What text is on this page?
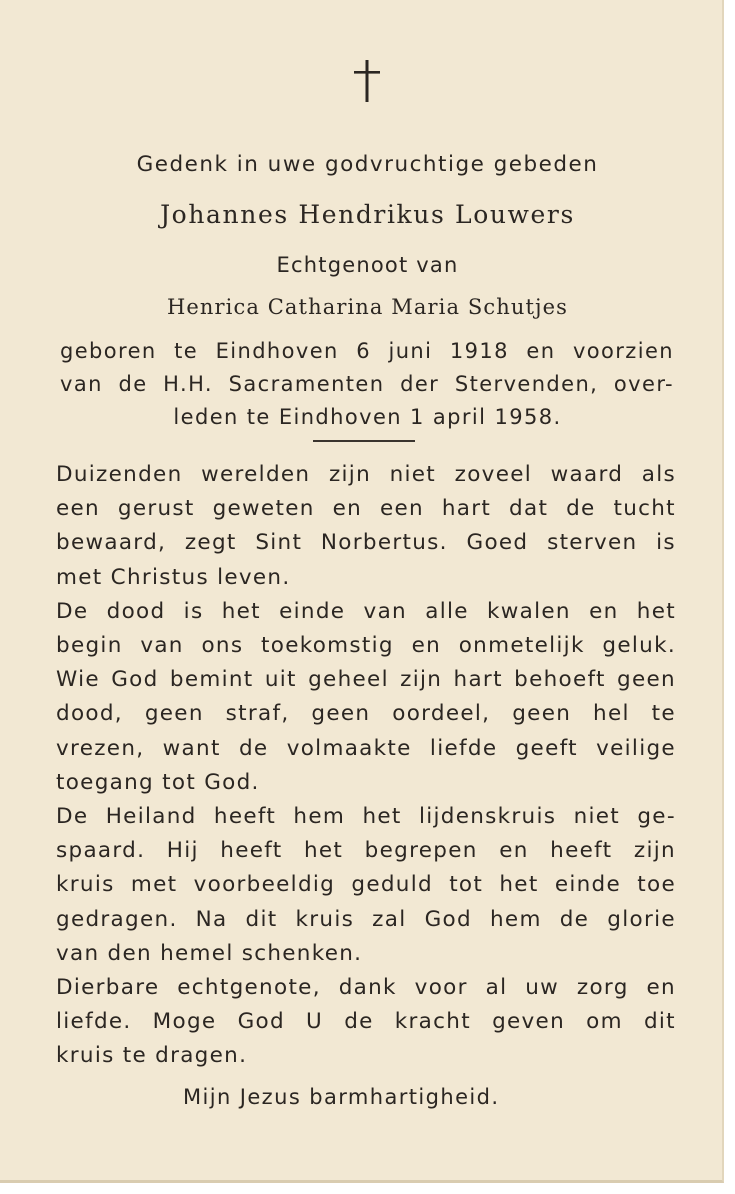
Gedenk in uwe godvruchtige gebeden
Johannes Hendrikus Louwers
Echtgenoot van
Henrica Catharina Maria Schutjes
geboren te Eindhoven 6 juni 1918 en voorzien
van de H.H. Sacramenten der Stervenden, over-
leden te Eindhoven 1 april 1958.
Duizenden werelden zijn niet zoveel waard als
een gerust geweten en een hart dat de tucht
bewaard, zegt Sint Norbertus. Goed sterven is
met Christus leven.
De dood is het einde van alle kwalen en het
begin van ons toekomstig en onmetelijk geluk.
Wie God bemint uit geheel zijn hart behoeft geen
dood, geen straf, geen oordeel, geen hel te
vrezen, want de volmaakte liefde geeft veilige
toegang tot God.
De Heiland heeft hem het lijdenskruis niet ge-
spaard. Hij heeft het begrepen en heeft zijn
kruis met voorbeeldig geduld tot het einde toe
gedragen. Na dit kruis zal God hem de glorie
van den hemel schenken.
Dierbare echtgenote, dank voor al uw zorg en
liefde. Moge God U de kracht geven om dit
kruis te dragen.
Mijn Jezus barmhartigheid.
